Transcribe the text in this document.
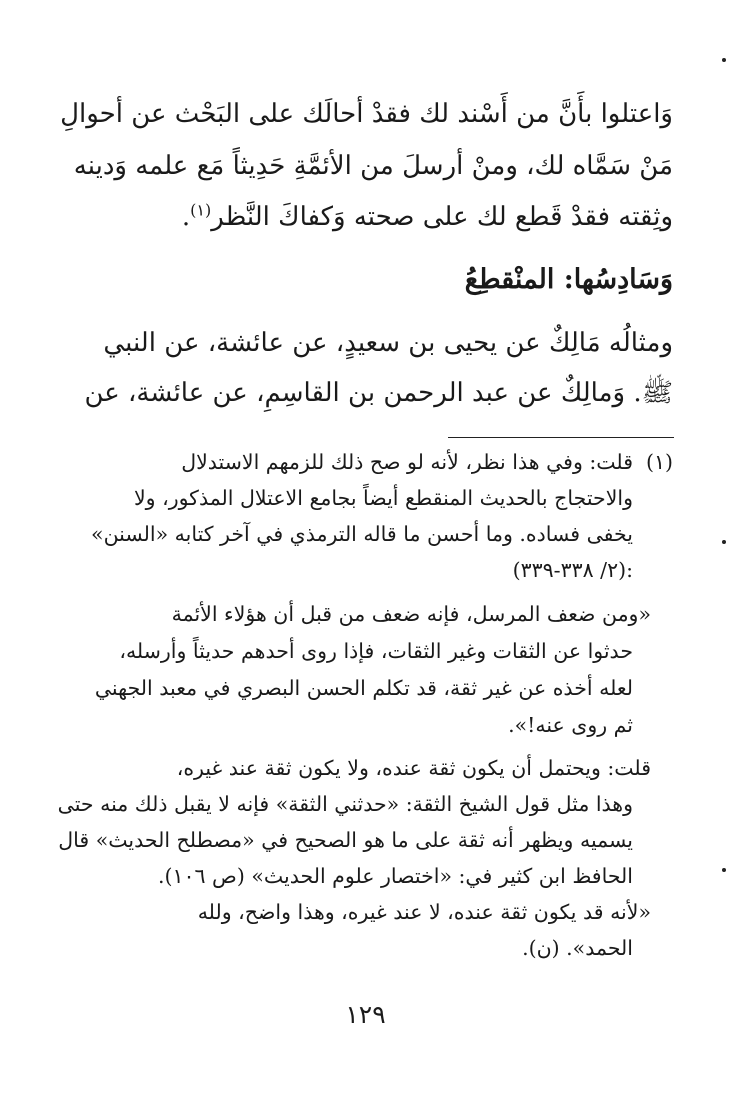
وَاعتلوا بأَنَّ من أَسْند لك فقدْ أحالَك على البَحْث عن أحوالِ
مَنْ سَمَّاه لك، ومنْ أرسلَ من الأئمَّةِ حَدِيثاً مَع علمه وَدينه
وثِقته فقدْ قَطع لك على صحته وَكفاكَ النَّظر$^{(١)}$.
وَسَادِسُها: المنْقطِعُ
ومثالُه مَالِكٌ عن يحيى بن سعيدٍ، عن عائشة، عن النبي
ﷺ. وَمالِكٌ عن عبد الرحمن بن القاسِمِ، عن عائشة، عن
(١)
قلت: وفي هذا نظر، لأنه لو صح ذلك للزمهم الاستدلال
والاحتجاج بالحديث المنقطع أيضاً بجامع الاعتلال المذكور، ولا
يخفى فساده. وما أحسن ما قاله الترمذي في آخر كتابه «السنن»
(٢/ ٣٣٨-٣٣٩):
«ومن ضعف المرسل، فإنه ضعف من قبل أن هؤلاء الأئمة
حدثوا عن الثقات وغير الثقات، فإذا روى أحدهم حديثاً وأرسله،
لعله أخذه عن غير ثقة، قد تكلم الحسن البصري في معبد الجهني
ثم روى عنه!».
قلت: ويحتمل أن يكون ثقة عنده، ولا يكون ثقة عند غيره،
وهذا مثل قول الشيخ الثقة: «حدثني الثقة» فإنه لا يقبل ذلك منه حتى
يسميه ويظهر أنه ثقة على ما هو الصحيح في «مصطلح الحديث» قال
الحافظ ابن كثير في: «اختصار علوم الحديث» (ص ١٠٦).
«لأنه قد يكون ثقة عنده، لا عند غيره، وهذا واضح، ولله
الحمد». (ن).
١٢٩
